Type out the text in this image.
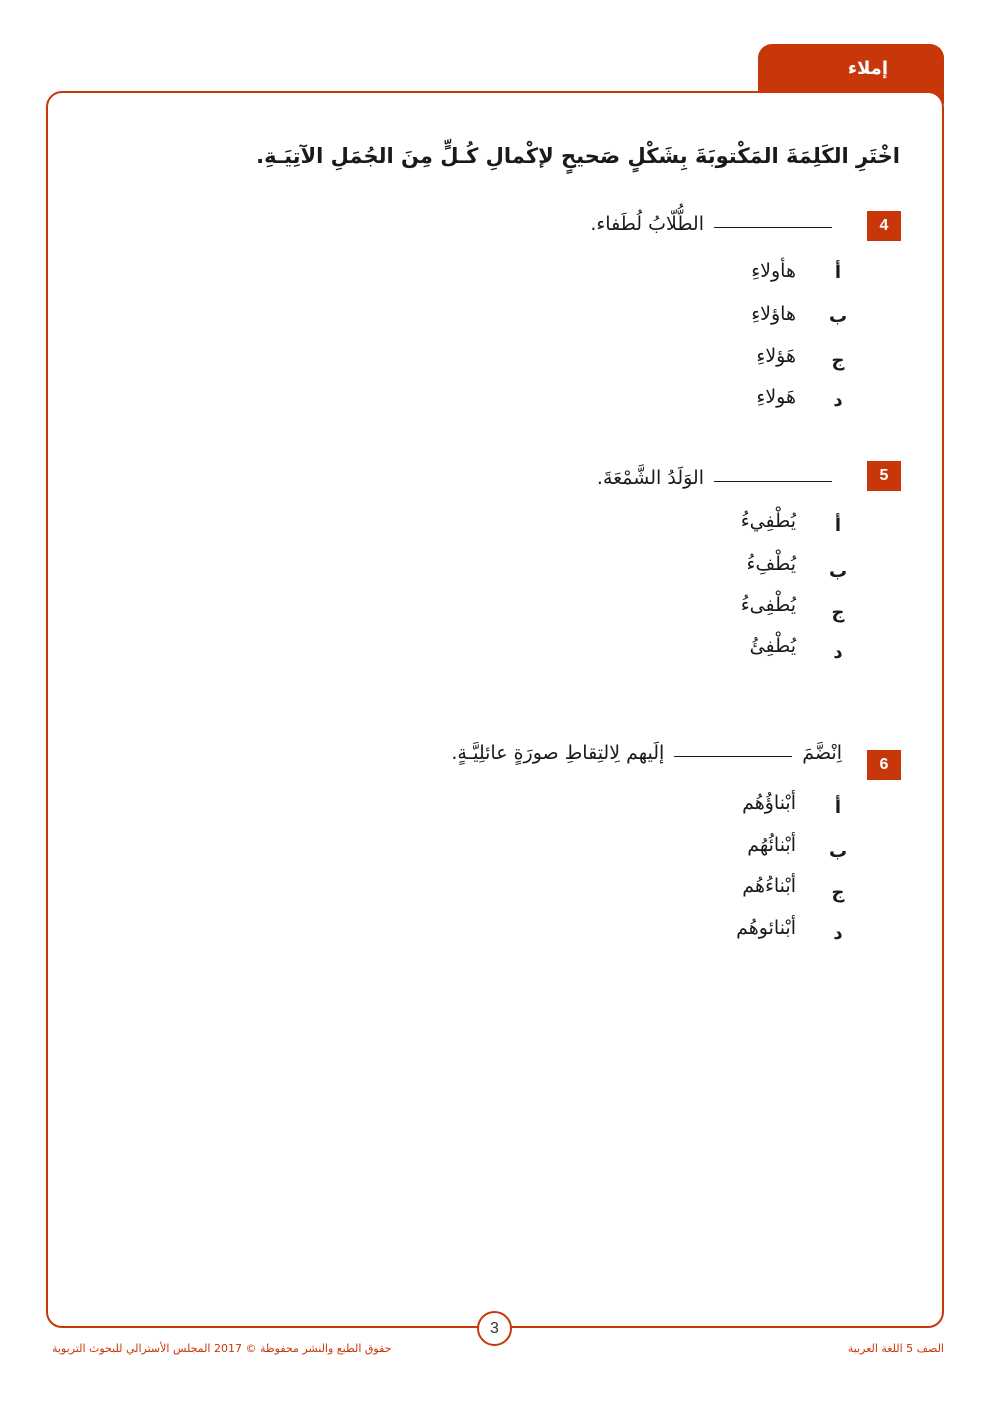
إملاء
اخْتَرِ الكَلِمَةَ المَكْتوبَةَ بِشَكْلٍ صَحيحٍ لإكْمالِ كُـلٍّ مِنَ الجُمَلِ الآتِيَـةِ.
4
الطُّلّابُ لُطَفاء.
أ
هأولاءِ
ب
هاؤلاءِ
ج
هَؤلاءِ
د
هَولاءِ
5
الوَلَدُ الشَّمْعَةَ.
أ
يُطْفِيءُ
ب
يُطْفِءُ
ج
يُطْفِىءُ
د
يُطْفِئُ
6
اِنْضَّمَإلَيهم لِالتِقاطِ صورَةٍ عائلِيَّـةٍ.
أ
أبْناؤُهُم
ب
أبْنائُهُم
ج
أبْناءُهُم
د
أبْنائوهُم
3
الصف 5 اللغة العربية
حقوق الطبع والنشر محفوظة © 2017 المجلس الأسترالي للبحوث التربوية
